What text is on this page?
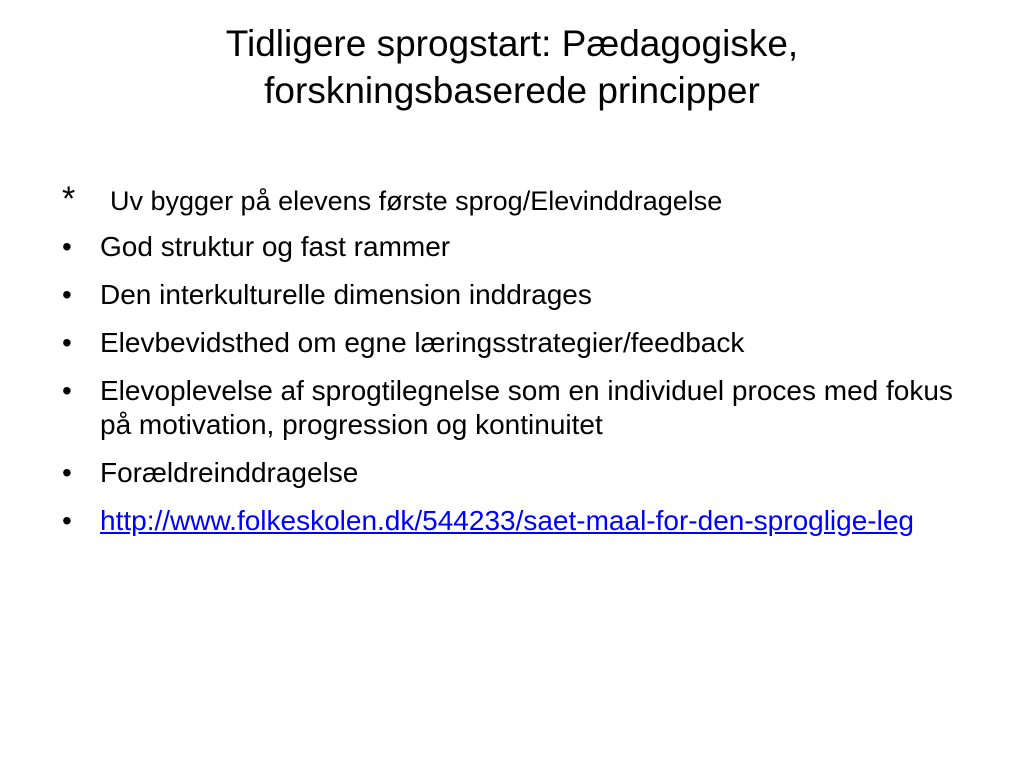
Tidligere sprogstart: Pædagogiske,
forskningsbaserede principper
*	Uv bygger på elevens første sprog/Elevinddragelse
•	God struktur og fast rammer
•	Den interkulturelle dimension inddrages
•	Elevbevidsthed om egne læringsstrategier/feedback
•	Elevoplevelse af sprogtilegnelse som en individuel proces med fokus på motivation, progression og kontinuitet
•	Forældreinddragelse
•	http://www.folkeskolen.dk/544233/saet-maal-for-den-sproglige-leg
